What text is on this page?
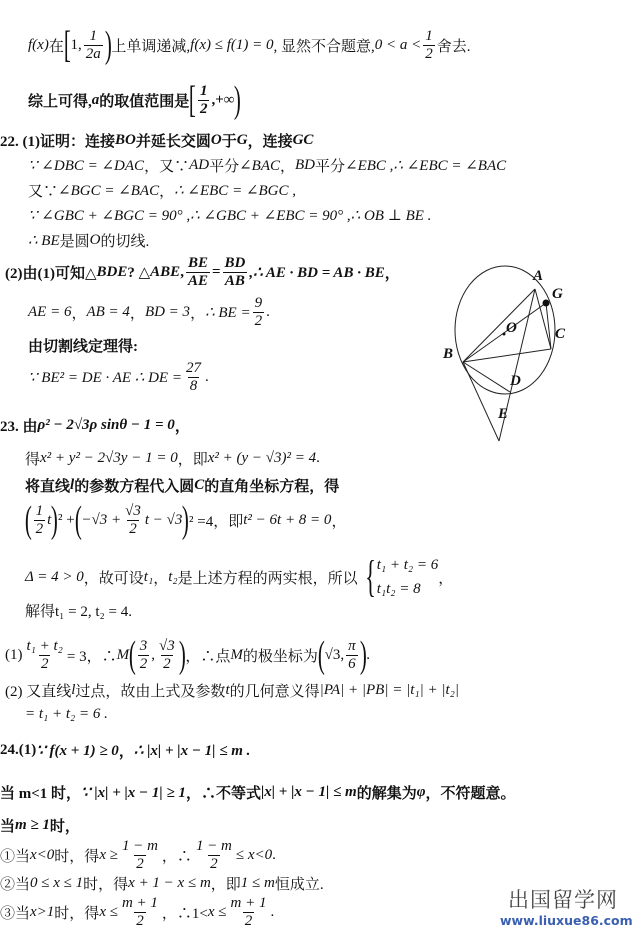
f(x) 在 [ 1, $\frac{1}{2a}$ ) 上单调递减, f(x) ≤ f(1) = 0 , 显然不合题意, $0 < a < \frac{1}{2}$ 舍去.
综上可得, a 的取值范围是 [ $\frac{1}{2}$ ,+∞ )
22. (1)证明：连接 BO 并延长交圆 O 于 G ，连接 GC
∵ ∠DBC = ∠DAC ，又∵ AD 平分 ∠BAC ， BD 平分 ∠EBC ,∴ ∠EBC = ∠BAC
又∵ ∠BGC = ∠BAC ， ∴ ∠EBC = ∠BGC ,
∵ ∠GBC + ∠BGC = 90° ,∴ ∠GBC + ∠EBC = 90° ,∴ OB ⊥ BE .
∴ BE 是圆 O 的切线.
(2)由(1)可知△ BDE ? △ ABE , $\frac{BE}{AE} = \frac{BD}{AB}$ ,∴ AE · BD = AB · BE ，
AE = 6 ， AB = 4 ， BD = 3 ， ∴ BE = $\frac{9}{2}$ .
由切割线定理得:
∵ BE² = DE · AE ∴ DE = $\frac{27}{8}$ .
23. 由 ρ² − 2√3ρ sinθ − 1 = 0 ，
得 x² + y² − 2√3y − 1 = 0 ，即 x² + (y − √3)² = 4 .
将直线 l 的参数方程代入圆 C 的直角坐标方程，得
( $\frac{1}{2}$ t ) ² + ( $-√3 + \frac{√3}{2}$ t − √3 ) ² =4，即 t² − 6t + 8 = 0 ，
Δ = 4 > 0 ，故可设 t₁ ， t₂ 是上述方程的两实根，所以 { t₁ + t₂ = 6
t₁t₂ = 8
，
解得t₁ = 2, t₂ = 4.
$(1) \frac{\text{t₁ + t₂}}{2} = 3$，∴ M ( $\frac{3}{2}$ , $\frac{√3}{2}$ ) ，∴点 M 的极坐标为 ( √3, $\frac{\pi}{6}$ ) .
(2) 又直线 l 过点，故由上式及参数 t 的几何意义得 |PA| + |PB| = |t₁| + |t₂|
= t₁ + t₂ = 6 .
24.(1) ∵ f(x + 1) ≥ 0 ， ∴ |x| + |x − 1| ≤ m .
当 m<1 时， ∵ |x| + |x − 1| ≥ 1 ，∴不等式 |x| + |x − 1| ≤ m 的解集为 φ ，不符题意。
当 m ≥ 1 时，
①当 x<0 时，得 $x \ge \frac{1 - m}{2}$ ，∴ $\frac{1 - m}{2} \le x<0$ .
②当 0 ≤ x ≤ 1 时，得 x + 1 − x ≤ m ，即 1 ≤ m 恒成立.
③当 x>1 时，得 $x \le \frac{m + 1}{2}$ ，∴1< $x \le \frac{m + 1}{2}$ .
A
G
O	C
B
D
E
出国留学网
www.liuxue86.com
